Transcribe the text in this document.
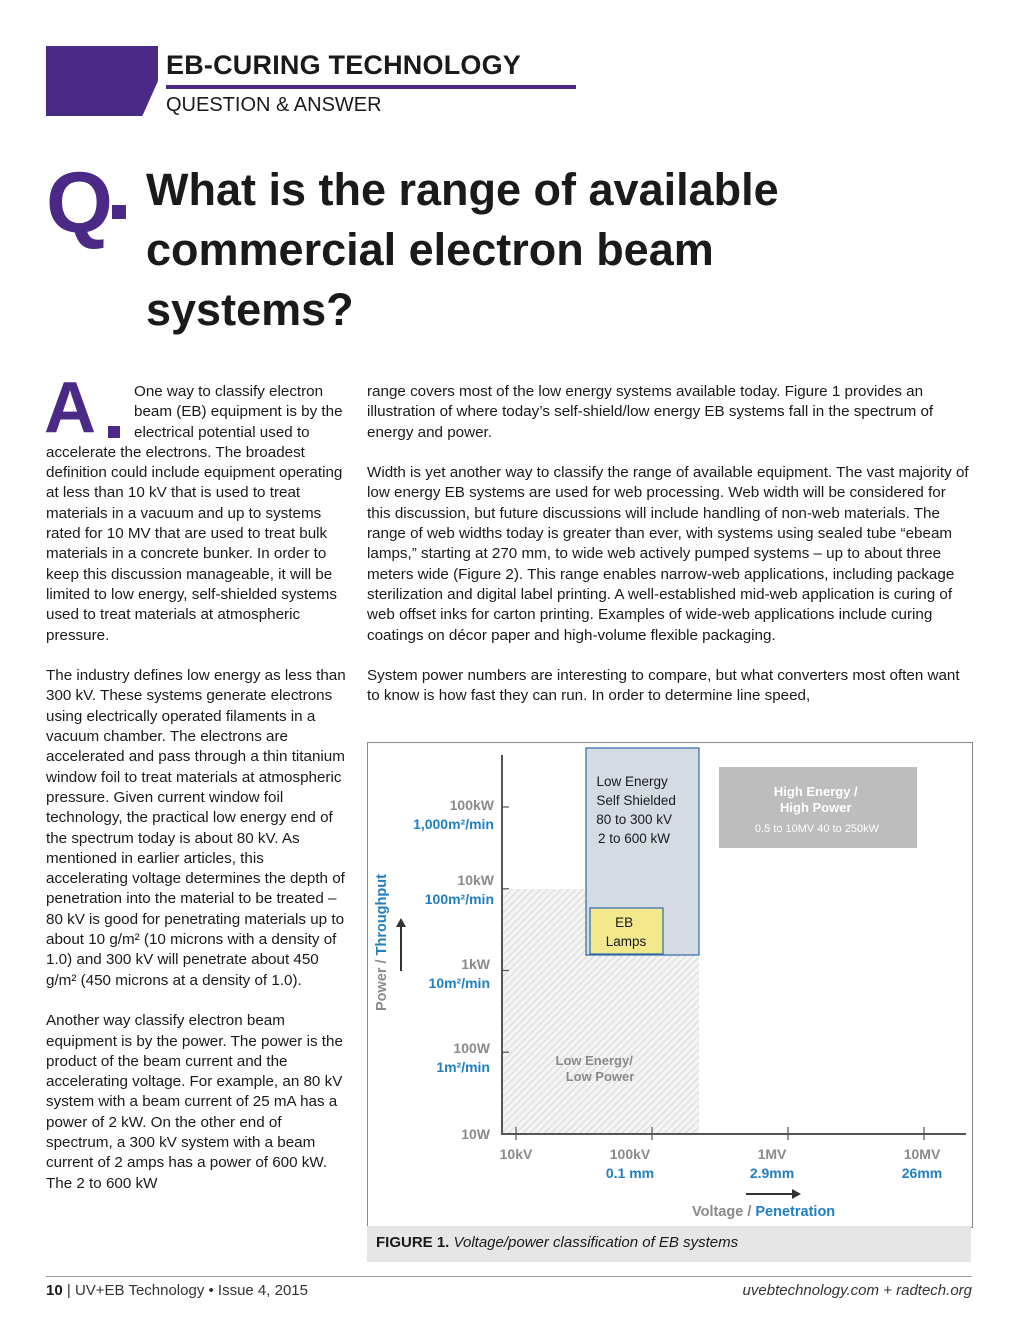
EB-CURING TECHNOLOGY

QUESTION & ANSWER

Q What is the range of available commercial electron beam systems?
A	One way to classify electron beam (EB) equipment is by the electrical potential used to accelerate the electrons. The broadest definition could include equipment operating at less than 10 kV that is used to treat materials in a vacuum and up to systems rated for 10 MV that are used to treat bulk materials in a concrete bunker. In order to keep this discussion manageable, it will be limited to low energy, self-shielded systems used to treat materials at atmospheric pressure.

The industry defines low energy as less than 300 kV. These systems generate electrons using electrically operated filaments in a vacuum chamber. The electrons are accelerated and pass through a thin titanium window foil to treat materials at atmospheric pressure. Given current window foil technology, the practical low energy end of the spectrum today is about 80 kV. As mentioned in earlier articles, this accelerating voltage determines the depth of penetration into the material to be treated – 80 kV is good for penetrating materials up to about 10 g/m² (10 microns with a density of 1.0) and 300 kV will penetrate about 450 g/m² (450 microns at a density of 1.0).

Another way classify electron beam equipment is by the power. The power is the product of the beam current and the accelerating voltage. For example, an 80 kV system with a beam current of 25 mA has a power of 2 kW. On the other end of spectrum, a 300 kV system with a beam current of 2 amps has a power of 600 kW. The 2 to 600 kW

range covers most of the low energy systems available today. Figure 1 provides an illustration of where today’s self-shield/low energy EB systems fall in the spectrum of energy and power.

Width is yet another way to classify the range of available equipment. The vast majority of low energy EB systems are used for web processing. Web width will be considered for this discussion, but future discussions will include handling of non-web materials. The range of web widths today is greater than ever, with systems using sealed tube “ebeam lamps,” starting at 270 mm, to wide web actively pumped systems – up to about three meters wide (Figure 2). This range enables narrow-web applications, including package sterilization and digital label printing. A well-established mid-web application is curing of web offset inks for carton printing. Examples of wide-web applications include curing coatings on décor paper and high-volume flexible packaging.

System power numbers are interesting to compare, but what converters most often want to know is how fast they can run. In order to determine line speed,

Low Energy/ Low Power
Low Energy Self Shielded 80 to 300 kV 2 to 600 kW
EB Lamps
High Energy / High Power 0.5 to 10MV 40 to 250kW
100kW
1,000m²/min
10kW
100m²/min
1kW
10m²/min
100W
1m²/min
10W
10kV	100kV
0.1 mm
1MV
2.9mm
10MV
26mm
Voltage / Penetration
Power / Throughput
FIGURE 1. Voltage/power classification of EB systems
10 | UV+EB Technology • Issue 4, 2015	uvebtechnology.com + radtech.org
